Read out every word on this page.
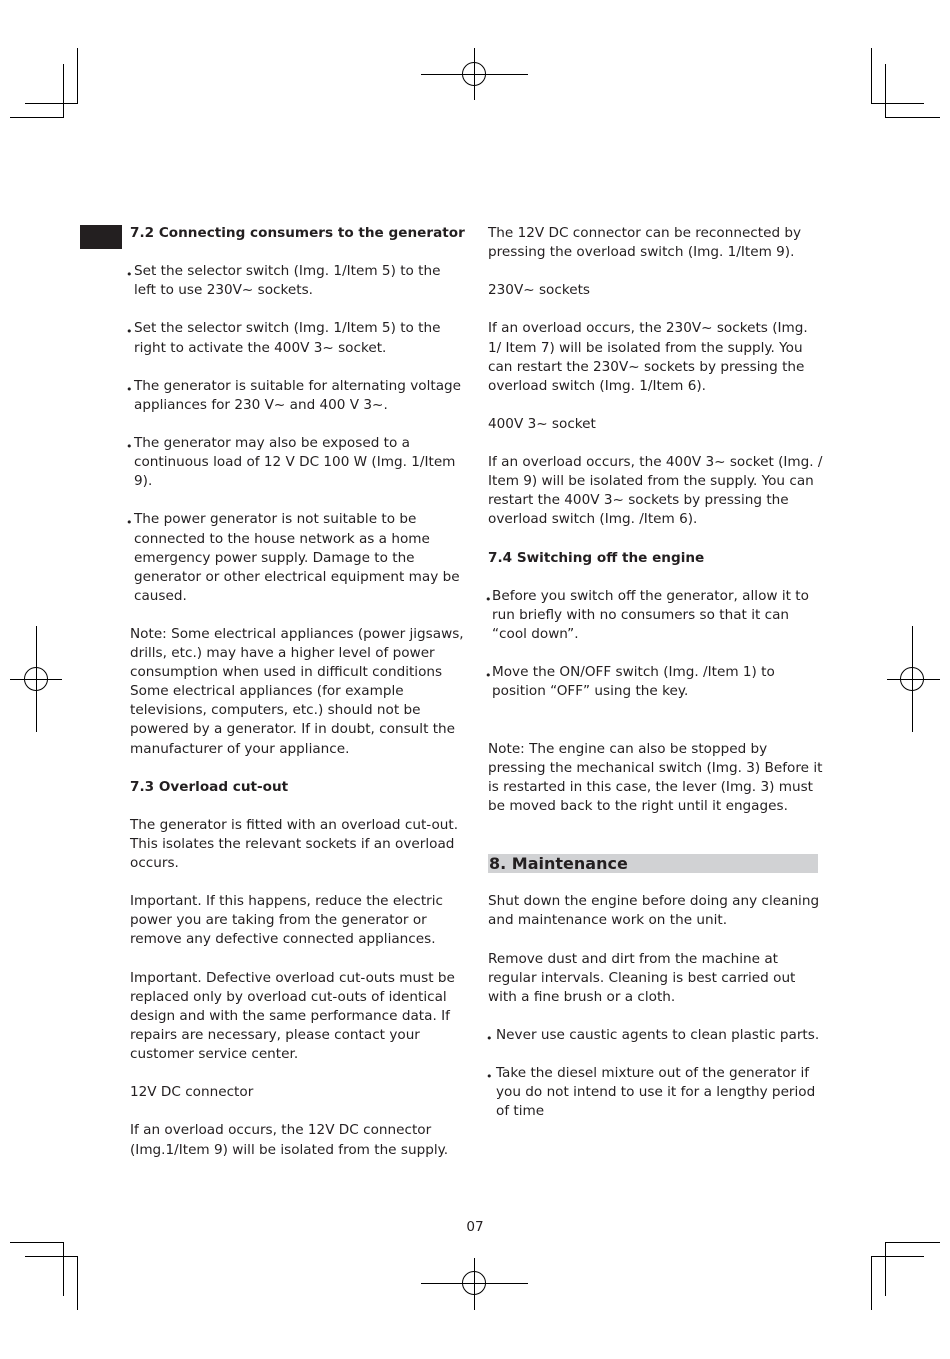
7.2 Connecting consumers to the generator

• Set the selector switch (Img. 1/Item 5) to the left to use 230V~ sockets.

• Set the selector switch (Img. 1/Item 5) to the right to activate the 400V 3~ socket.

• The generator is suitable for alternating voltage appliances for 230 V~ and 400 V 3~.

• The generator may also be exposed to a continuous load of 12 V DC 100 W (Img. 1/Item 9).

• The power generator is not suitable to be connected to the house network as a home emergency power supply. Damage to the generator or other electrical equipment may be caused.

Note: Some electrical appliances (power jigsaws, drills, etc.) may have a higher level of power consumption when used in difficult conditions Some electrical appliances (for example televisions, computers, etc.) should not be powered by a generator. If in doubt, consult the manufacturer of your appliance.

7.3 Overload cut-out

The generator is fitted with an overload cut-out. This isolates the relevant sockets if an overload occurs.

Important. If this happens, reduce the electric power you are taking from the generator or remove any defective connected appliances.

Important. Defective overload cut-outs must be replaced only by overload cut-outs of identical design and with the same performance data. If repairs are necessary, please contact your customer service center.

12V DC connector

If an overload occurs, the 12V DC connector (Img.1/Item 9) will be isolated from the supply.

The 12V DC connector can be reconnected by pressing the overload switch (Img. 1/Item 9).

230V~ sockets

If an overload occurs, the 230V~ sockets (Img. 1/ Item 7) will be isolated from the supply. You can restart the 230V~ sockets by pressing the overload switch (Img. 1/Item 6).

400V 3~ socket

If an overload occurs, the 400V 3~ socket (Img. / Item 9) will be isolated from the supply. You can restart the 400V 3~ sockets by pressing the overload switch (Img. /Item 6).

7.4 Switching off the engine

• Before you switch off the generator, allow it to run briefly with no consumers so that it can “cool down”.

• Move the ON/OFF switch (Img. /Item 1) to position “OFF” using the key.

Note: The engine can also be stopped by pressing the mechanical switch (Img. 3) Before it is restarted in this case, the lever (Img. 3) must be moved back to the right until it engages.

8. Maintenance

Shut down the engine before doing any cleaning and maintenance work on the unit.

Remove dust and dirt from the machine at regular intervals. Cleaning is best carried out with a fine brush or a cloth.

• Never use caustic agents to clean plastic parts.

• Take the diesel mixture out of the generator if you do not intend to use it for a lengthy period of time

07
